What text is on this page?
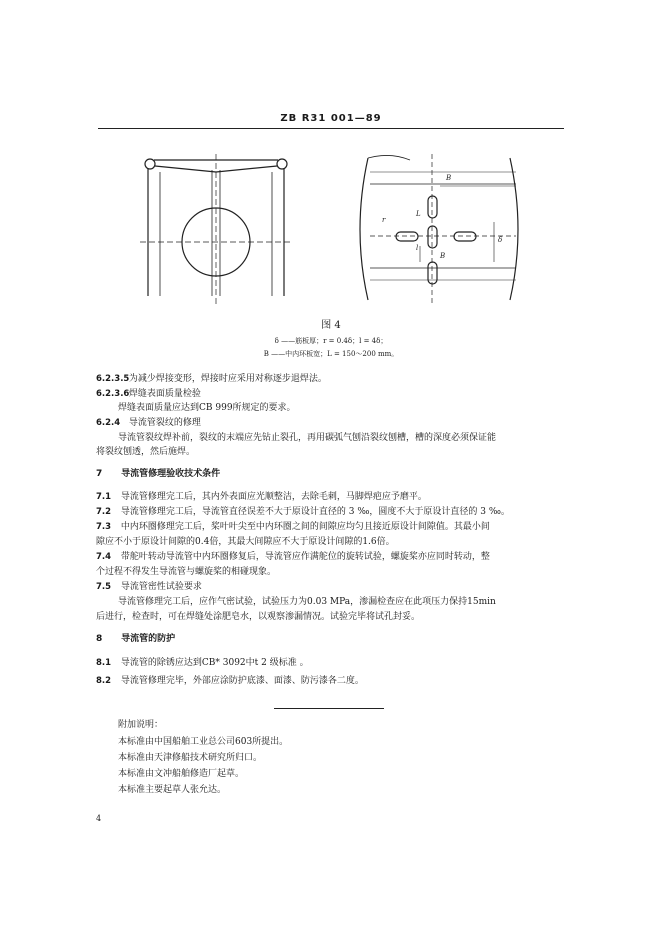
ZB R31 001—89
B
L
r
l
δ
B
图 4
δ ——筋板厚；r = 0.4δ；l = 4δ；
B ——中内环板宽；L = 150～200 mm。
6.2.3.5 为减少焊接变形，焊接时应采用对称逐步退焊法。
6.2.3.6 焊缝表面质量检验
焊缝表面质量应达到CB 999所规定的要求。
6.2.4 导流管裂纹的修理
导流管裂纹焊补前，裂纹的末端应先钻止裂孔，再用碳弧气刨沿裂纹刨槽，槽的深度必须保证能
将裂纹刨透，然后施焊。
7 导流管修理验收技术条件
7.1 导流管修理完工后，其内外表面应光顺整洁，去除毛刺，马脚焊疤应予磨平。
7.2 导流管修理完工后，导流管直径误差不大于原设计直径的 3 ‰，圆度不大于原设计直径的 3 ‰。
7.3 中内环圈修理完工后，桨叶叶尖至中内环圈之间的间隙应均匀且接近原设计间隙值。其最小间
隙应不小于原设计间隙的0.4倍，其最大间隙应不大于原设计间隙的1.6倍。
7.4 带舵叶转动导流管中内环圈修复后，导流管应作满舵位的旋转试验，螺旋桨亦应同时转动，整
个过程不得发生导流管与螺旋桨的相碰现象。
7.5 导流管密性试验要求
导流管修理完工后，应作气密试验，试验压力为0.03 MPa，渗漏检查应在此项压力保持15min
后进行，检查时，可在焊缝处涂肥皂水，以观察渗漏情况。试验完毕将试孔封妥。
8 导流管的防护
8.1 导流管的除锈应达到CB* 3092中t 2 级标准 。
8.2 导流管修理完毕，外部应涂防护底漆、面漆、防污漆各二度。
附加说明：
本标准由中国船舶工业总公司603所提出。
本标准由天津修船技术研究所归口。
本标准由文冲船舶修造厂起草。
本标准主要起草人张允达。
4
